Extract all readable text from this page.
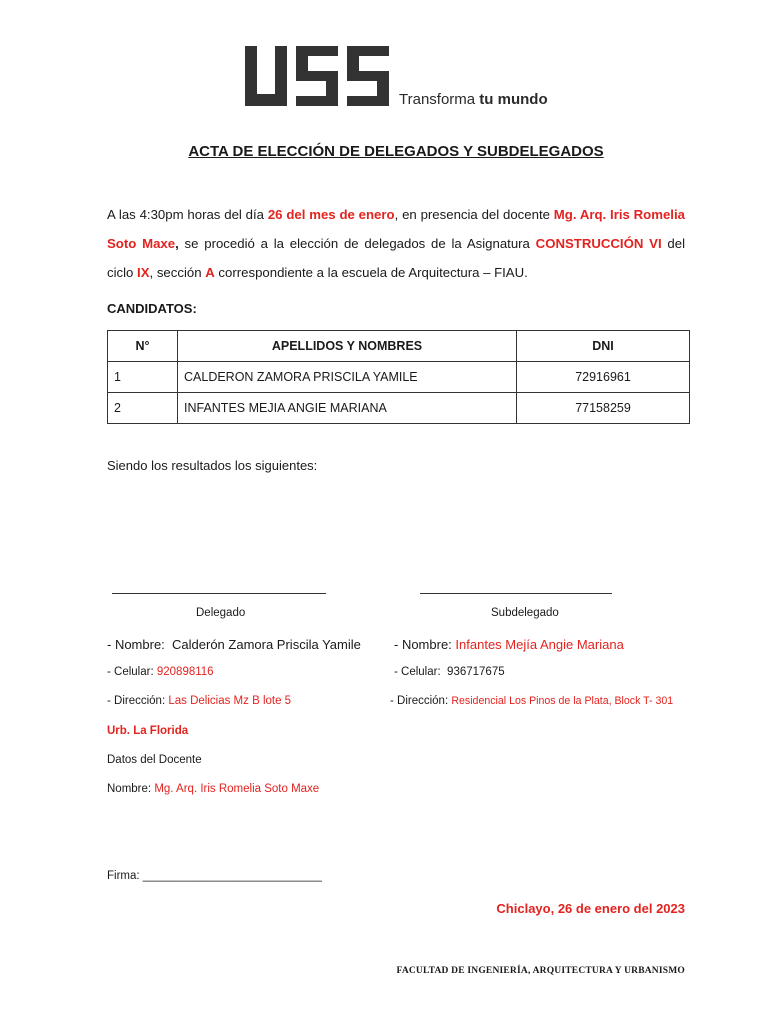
Transforma tu mundo
ACTA DE ELECCIÓN DE DELEGADOS Y SUBDELEGADOS
A las 4:30pm horas del día 26 del mes de enero, en presencia del docente Mg. Arq. Iris Romelia Soto Maxe, se procedió a la elección de delegados de la Asignatura CONSTRUCCIÓN VI del ciclo IX, sección A correspondiente a la escuela de Arquitectura – FIAU.
CANDIDATOS:
N°	APELLIDOS Y NOMBRES	DNI
1	CALDERON ZAMORA PRISCILA YAMILE	72916961
2	INFANTES MEJIA ANGIE MARIANA	77158259
Siendo los resultados los siguientes:
Delegado	Subdelegado
- Nombre: Calderón Zamora Priscila Yamile
- Celular: 920898116
- Dirección: Las Delicias Mz B lote 5
Urb. La Florida
- Nombre: Infantes Mejía Angie Mariana
- Celular: 936717675
- Dirección: Residencial Los Pinos de la Plata, Block T- 301
Datos del Docente
Nombre: Mg. Arq. Iris Romelia Soto Maxe
Firma: ____________________________
Chiclayo, 26 de enero del 2023
FACULTAD DE INGENIERÍA, ARQUITECTURA Y URBANISMO
